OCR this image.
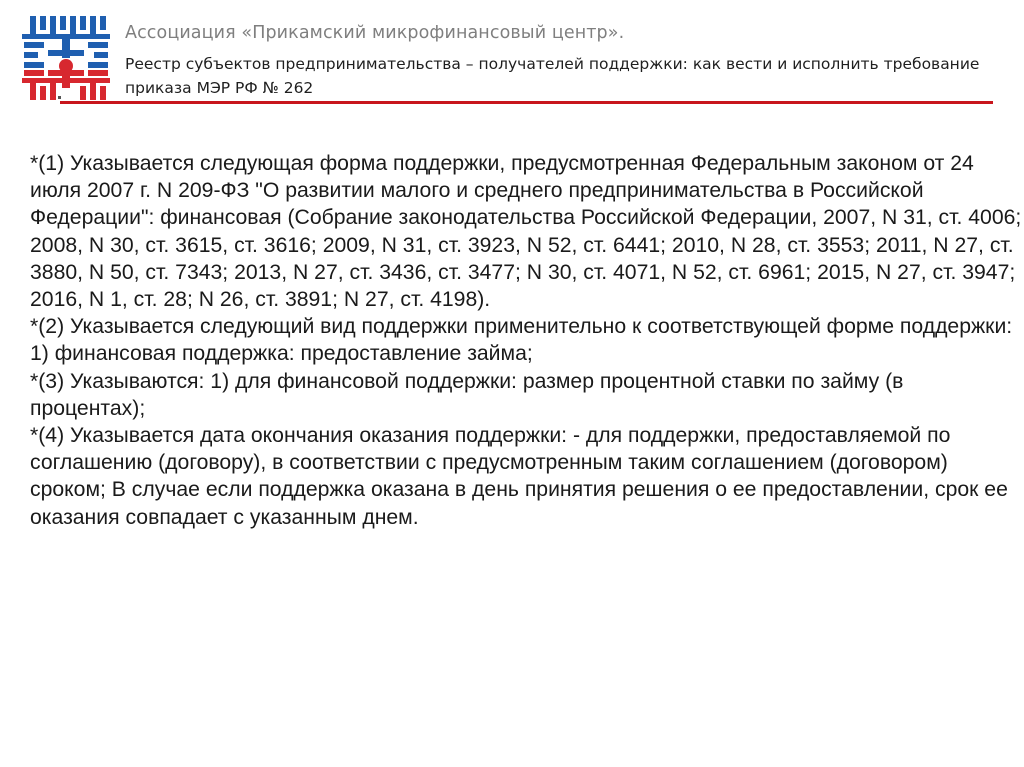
Ассоциация «Прикамский микрофинансовый центр».
Реестр субъектов предпринимательства – получателей поддержки: как вести и исполнить требование приказа МЭР РФ № 262

*(1) Указывается следующая форма поддержки, предусмотренная Федеральным законом от 24 июля 2007 г. N 209-ФЗ "О развитии малого и среднего предпринимательства в Российской Федерации": финансовая (Собрание законодательства Российской Федерации, 2007, N 31, ст. 4006; 2008, N 30, ст. 3615, ст. 3616; 2009, N 31, ст. 3923, N 52, ст. 6441; 2010, N 28, ст. 3553; 2011, N 27, ст. 3880, N 50, ст. 7343; 2013, N 27, ст. 3436, ст. 3477; N 30, ст. 4071, N 52, ст. 6961; 2015, N 27, ст. 3947; 2016, N 1, ст. 28; N 26, ст. 3891; N 27, ст. 4198).

*(2) Указывается следующий вид поддержки применительно к соответствующей форме поддержки: 1) финансовая поддержка: предоставление займа;

*(3) Указываются: 1) для финансовой поддержки: размер процентной ставки по займу (в процентах);

*(4) Указывается дата окончания оказания поддержки: - для поддержки, предоставляемой по соглашению (договору), в соответствии с предусмотренным таким соглашением (договором) сроком; В случае если поддержка оказана в день принятия решения о ее предоставлении, срок ее оказания совпадает с указанным днем.
